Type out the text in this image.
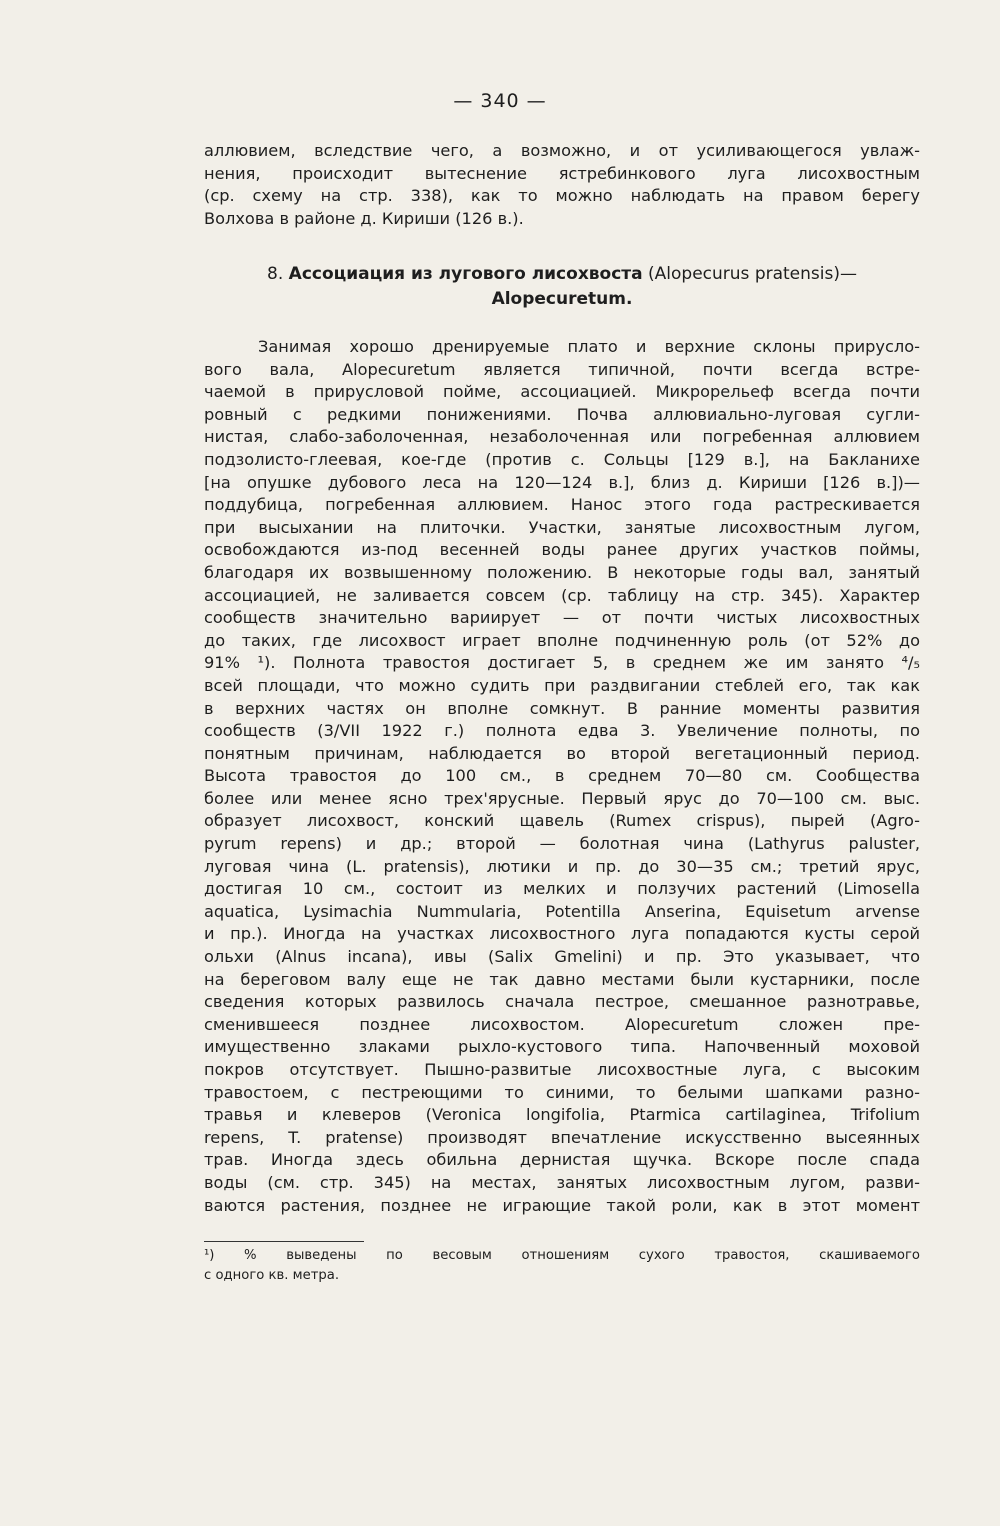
— 340 —
аллювием, вследствие чего, а возможно, и от усиливающегося увлаж-
нения, происходит вытеснение ястребинкового луга лисохвостным
(ср. схему на стр. 338), как то можно наблюдать на правом берегу
Волхова в районе д. Кириши (126 в.).
8. Ассоциация из лугового лисохвоста (Alopecurus pratensis)—
Alopecuretum.
Занимая хорошо дренируемые плато и верхние склоны прирусло-
вого вала, Alopecuretum является типичной, почти всегда встре-
чаемой в прирусловой пойме, ассоциацией. Микрорельеф всегда почти
ровный с редкими понижениями. Почва аллювиально-луговая сугли-
нистая, слабо-заболоченная, незаболоченная или погребенная аллювием
подзолисто-глеевая, кое-где (против с. Сольцы [129 в.], на Бакланихе
[на опушке дубового леса на 120—124 в.], близ д. Кириши [126 в.])—
поддубица, погребенная аллювием. Нанос этого года растрескивается
при высыхании на плиточки. Участки, занятые лисохвостным лугом,
освобождаются из-под весенней воды ранее других участков поймы,
благодаря их возвышенному положению. В некоторые годы вал, занятый
ассоциацией, не заливается совсем (ср. таблицу на стр. 345). Характер
сообществ значительно вариирует — от почти чистых лисохвостных
до таких, где лисохвост играет вполне подчиненную роль (от 52% до
91% ¹). Полнота травостоя достигает 5, в среднем же им занято ⁴/₅
всей площади, что можно судить при раздвигании стеблей его, так как
в верхних частях он вполне сомкнут. В ранние моменты развития
сообществ (3/VII 1922 г.) полнота едва 3. Увеличение полноты, по
понятным причинам, наблюдается во второй вегетационный период.
Высота травостоя до 100 см., в среднем 70—80 см. Сообщества
более или менее ясно трех'ярусные. Первый ярус до 70—100 см. выс.
образует лисохвост, конский щавель (Rumex crispus), пырей (Agro-
pyrum repens) и др.; второй — болотная чина (Lathyrus paluster,
луговая чина (L. pratensis), лютики и пр. до 30—35 см.; третий ярус,
достигая 10 см., состоит из мелких и ползучих растений (Limosella
aquatica, Lysimachia Nummularia, Potentilla Anserina, Equisetum arvense
и пр.). Иногда на участках лисохвостного луга попадаются кусты серой
ольхи (Alnus incana), ивы (Salix Gmelini) и пр. Это указывает, что
на береговом валу еще не так давно местами были кустарники, после
сведения которых развилось сначала пестрое, смешанное разнотравье,
сменившееся позднее лисохвостом. Alopecuretum сложен пре-
имущественно злаками рыхло-кустового типа. Напочвенный моховой
покров отсутствует. Пышно-развитые лисохвостные луга, с высоким
травостоем, с пестреющими то синими, то белыми шапками разно-
травья и клеверов (Veronica longifolia, Ptarmica cartilaginea, Trifolium
repens, T. pratense) производят впечатление искусственно высеянных
трав. Иногда здесь обильна дернистая щучка. Вскоре после спада
воды (см. стр. 345) на местах, занятых лисохвостным лугом, разви-
ваются растения, позднее не играющие такой роли, как в этот момент
¹) % выведены по весовым отношениям сухого травостоя, скашиваемого
с одного кв. метра.
